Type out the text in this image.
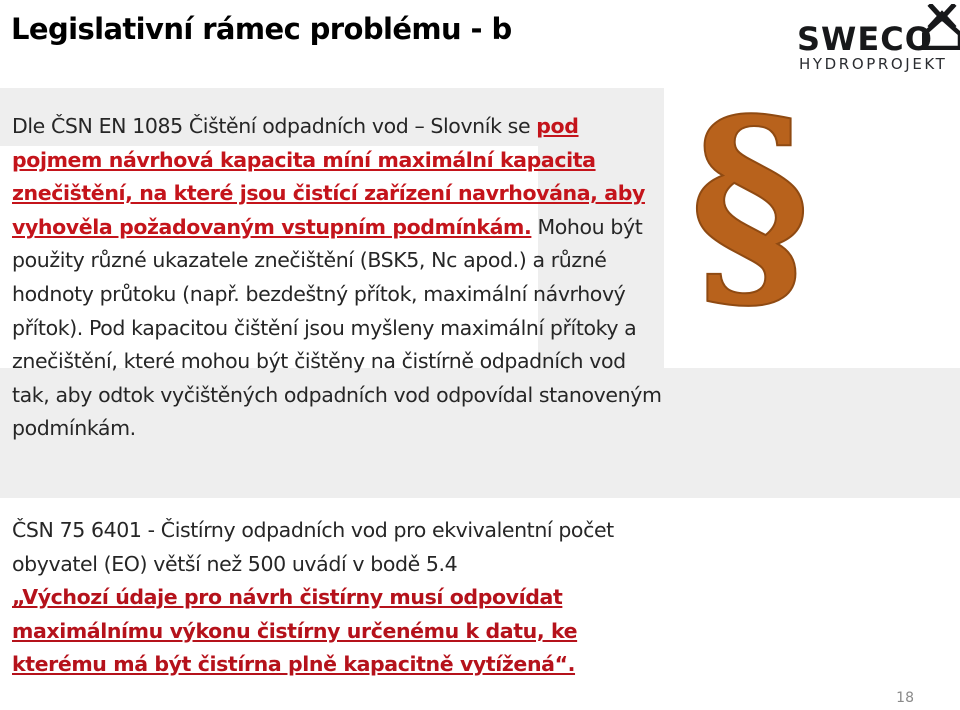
Legislativní rámec problému - b	SWECO
HYDROPROJEKT
Dle ČSN EN 1085 Čištění odpadních vod – Slovník se pod pojmem návrhová kapacita míní maximální kapacita znečištění, na které jsou čistící zařízení navrhována, aby vyhověla požadovaným vstupním podmínkám. Mohou být použity různé ukazatele znečištění (BSK5, Nc apod.) a různé hodnoty průtoku (např. bezdeštný přítok, maximální návrhový přítok). Pod kapacitou čištění jsou myšleny maximální přítoky a znečištění, které mohou být čištěny na čistírně odpadních vod tak, aby odtok vyčištěných odpadních vod odpovídal stanoveným podmínkám.
§
ČSN 75 6401 - Čistírny odpadních vod pro ekvivalentní počet obyvatel (EO) větší než 500 uvádí v bodě 5.4
„Výchozí údaje pro návrh čistírny musí odpovídat maximálnímu výkonu čistírny určenému k datu, ke kterému má být čistírna plně kapacitně vytížená“.
18
